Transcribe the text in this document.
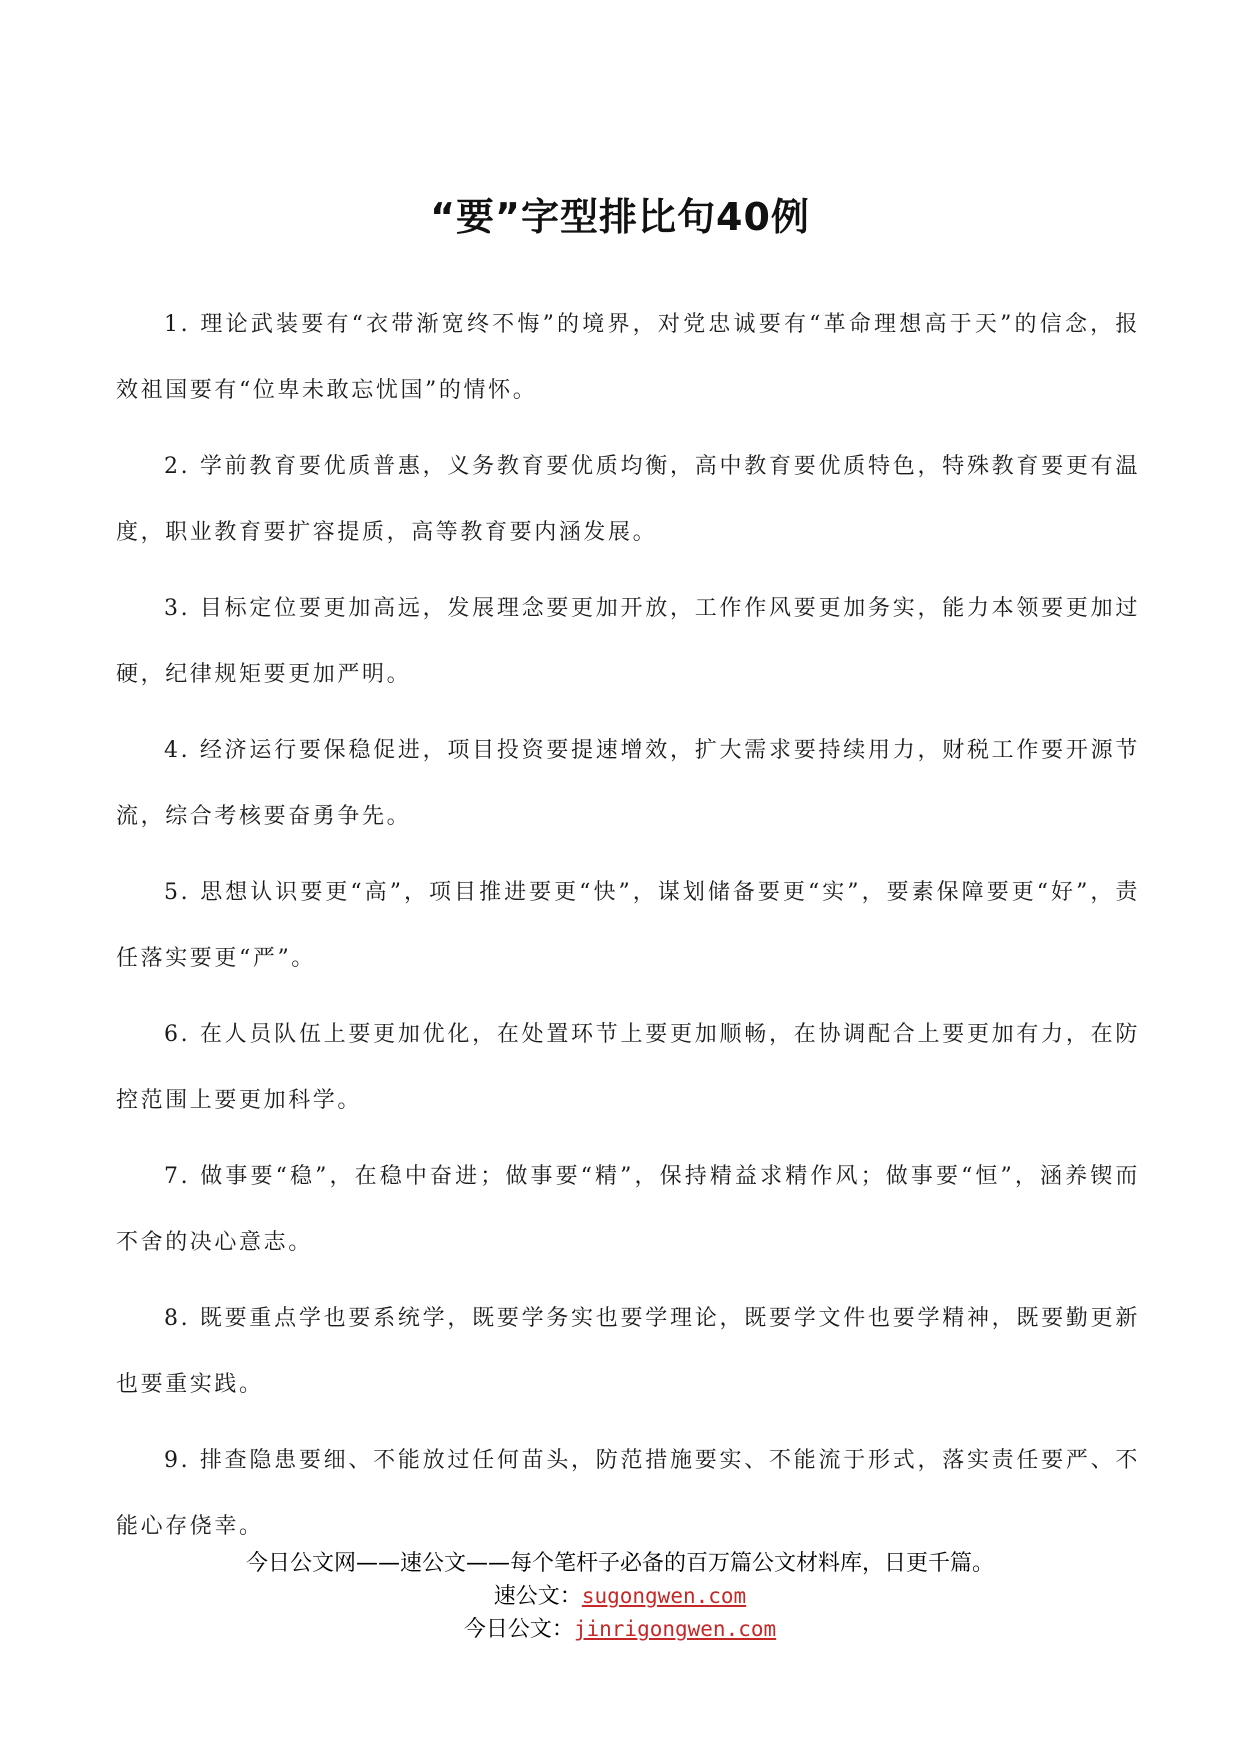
“要”字型排比句40例

1. 理论武装要有“衣带渐宽终不悔”的境界，对党忠诚要有“革命理想高于天”的信念，报效祖国要有“位卑未敢忘忧国”的情怀。

2. 学前教育要优质普惠，义务教育要优质均衡，高中教育要优质特色，特殊教育要更有温度，职业教育要扩容提质，高等教育要内涵发展。

3. 目标定位要更加高远，发展理念要更加开放，工作作风要更加务实，能力本领要更加过硬，纪律规矩要更加严明。

4. 经济运行要保稳促进，项目投资要提速增效，扩大需求要持续用力，财税工作要开源节流，综合考核要奋勇争先。

5. 思想认识要更“高”，项目推进要更“快”，谋划储备要更“实”，要素保障要更“好”，责任落实要更“严”。

6. 在人员队伍上要更加优化，在处置环节上要更加顺畅，在协调配合上要更加有力，在防控范围上要更加科学。

7. 做事要“稳”，在稳中奋进；做事要“精”，保持精益求精作风；做事要“恒”，涵养锲而不舍的决心意志。

8. 既要重点学也要系统学，既要学务实也要学理论，既要学文件也要学精神，既要勤更新也要重实践。

9. 排查隐患要细、不能放过任何苗头，防范措施要实、不能流于形式，落实责任要严、不能心存侥幸。

今日公文网——速公文——每个笔杆子必备的百万篇公文材料库，日更千篇。

速公文：sugongwen.com

今日公文：jinrigongwen.com
